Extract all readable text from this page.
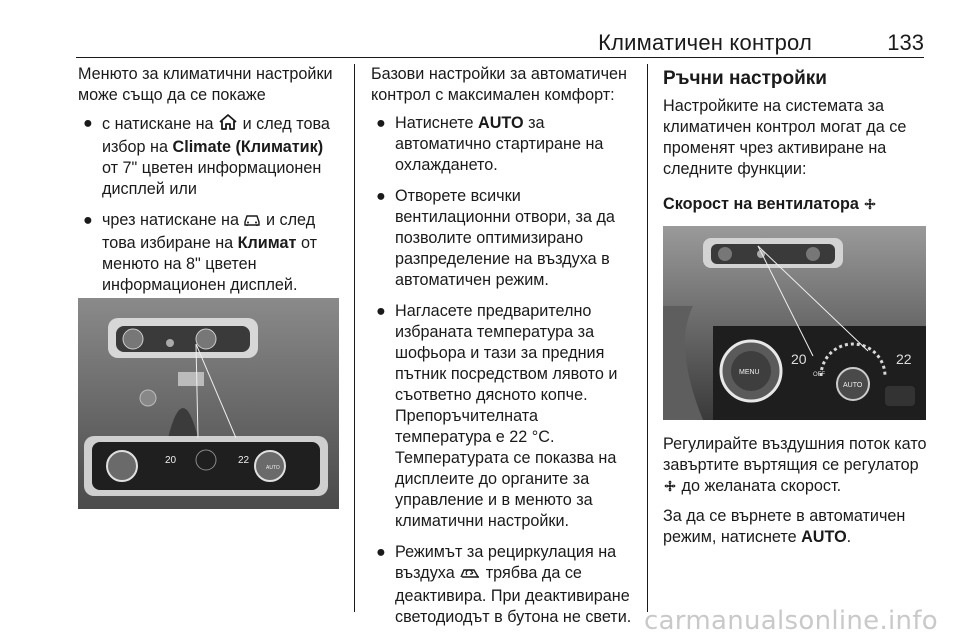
Климатичен контрол	133

Менюто за климатични настройки може също да се покаже

● с натискане на и след това избор на Climate (Климатик) от 7" цветен информационен дисплей или
● чрез натискане на и след това избиране на Климат от менюто на 8" цветен информационен дисплей.
20	22
AUTO

Базови настройки за автоматичен контрол с максимален комфорт:

● Натиснете AUTO за автоматично стартиране на охлаждането.
● Отворете всички вентилационни отвори, за да позволите оптимизирано разпределение на въздуха в автоматичен режим.
● Нагласете предварително избраната температура за шофьора и тази за предния пътник посредством лявото и съответно дясното копче. Препоръчителната температура е 22 °C. Температурата се показва на дисплеите до органите за управление и в менюто за климатични настройки.
● Режимът за рециркулация на въздуха трябва да се деактивира. При деактивиране светодиодът в бутона не свети.
Ръчни настройки

Настройките на системата за климатичен контрол могат да се променят чрез активиране на следните функции:

Скорост на вентилатора
MENU
20	22
AUTO
OFF

Регулирайте въздушния поток като завъртите въртящия се регулатор  до желаната скорост.

За да се върнете в автоматичен режим, натиснете AUTO.

carmanualsonline.info
